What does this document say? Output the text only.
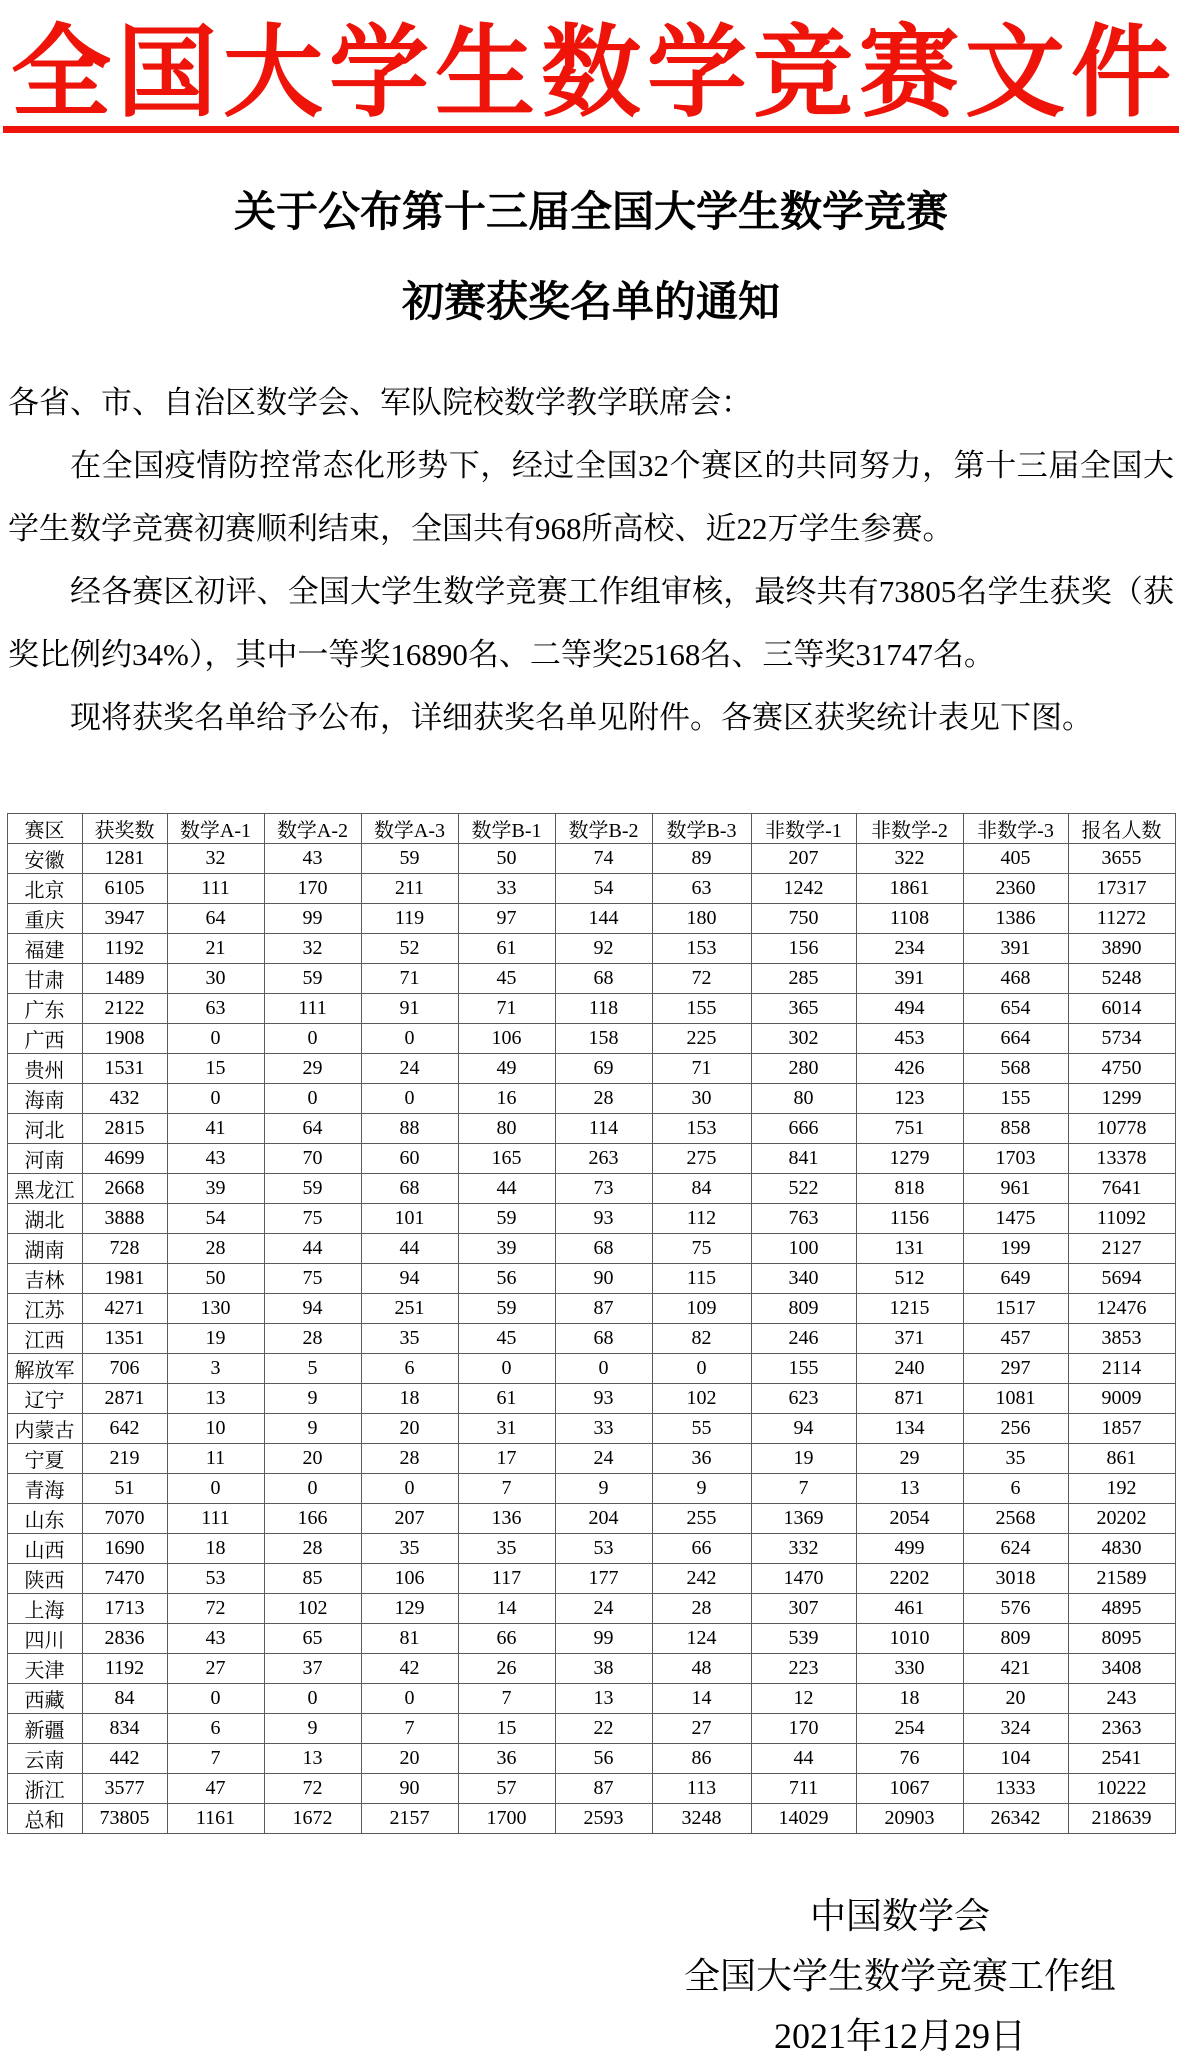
全国大学生数学竞赛文件
关于公布第十三届全国大学生数学竞赛
初赛获奖名单的通知

各省、市、自治区数学会、军队院校数学教学联席会：

在全国疫情防控常态化形势下，经过全国32个赛区的共同努力，第十三届全国大学生数学竞赛初赛顺利结束，全国共有968所高校、近22万学生参赛。

经各赛区初评、全国大学生数学竞赛工作组审核，最终共有73805名学生获奖（获奖比例约34%），其中一等奖16890名、二等奖25168名、三等奖31747名。

现将获奖名单给予公布，详细获奖名单见附件。各赛区获奖统计表见下图。

赛区	获奖数	数学A-1	数学A-2	数学A-3	数学B-1	数学B-2	数学B-3	非数学-1	非数学-2	非数学-3	报名人数
安徽	1281	32	43	59	50	74	89	207	322	405	3655
北京	6105	111	170	211	33	54	63	1242	1861	2360	17317
重庆	3947	64	99	119	97	144	180	750	1108	1386	11272
福建	1192	21	32	52	61	92	153	156	234	391	3890
甘肃	1489	30	59	71	45	68	72	285	391	468	5248
广东	2122	63	111	91	71	118	155	365	494	654	6014
广西	1908	0	0	0	106	158	225	302	453	664	5734
贵州	1531	15	29	24	49	69	71	280	426	568	4750
海南	432	0	0	0	16	28	30	80	123	155	1299
河北	2815	41	64	88	80	114	153	666	751	858	10778
河南	4699	43	70	60	165	263	275	841	1279	1703	13378
黑龙江	2668	39	59	68	44	73	84	522	818	961	7641
湖北	3888	54	75	101	59	93	112	763	1156	1475	11092
湖南	728	28	44	44	39	68	75	100	131	199	2127
吉林	1981	50	75	94	56	90	115	340	512	649	5694
江苏	4271	130	94	251	59	87	109	809	1215	1517	12476
江西	1351	19	28	35	45	68	82	246	371	457	3853
解放军	706	3	5	6	0	0	0	155	240	297	2114
辽宁	2871	13	9	18	61	93	102	623	871	1081	9009
内蒙古	642	10	9	20	31	33	55	94	134	256	1857
宁夏	219	11	20	28	17	24	36	19	29	35	861
青海	51	0	0	0	7	9	9	7	13	6	192
山东	7070	111	166	207	136	204	255	1369	2054	2568	20202
山西	1690	18	28	35	35	53	66	332	499	624	4830
陕西	7470	53	85	106	117	177	242	1470	2202	3018	21589
上海	1713	72	102	129	14	24	28	307	461	576	4895
四川	2836	43	65	81	66	99	124	539	1010	809	8095
天津	1192	27	37	42	26	38	48	223	330	421	3408
西藏	84	0	0	0	7	13	14	12	18	20	243
新疆	834	6	9	7	15	22	27	170	254	324	2363
云南	442	7	13	20	36	56	86	44	76	104	2541
浙江	3577	47	72	90	57	87	113	711	1067	1333	10222
总和	73805	1161	1672	2157	1700	2593	3248	14029	20903	26342	218639
中国数学会
全国大学生数学竞赛工作组
2021年12月29日
